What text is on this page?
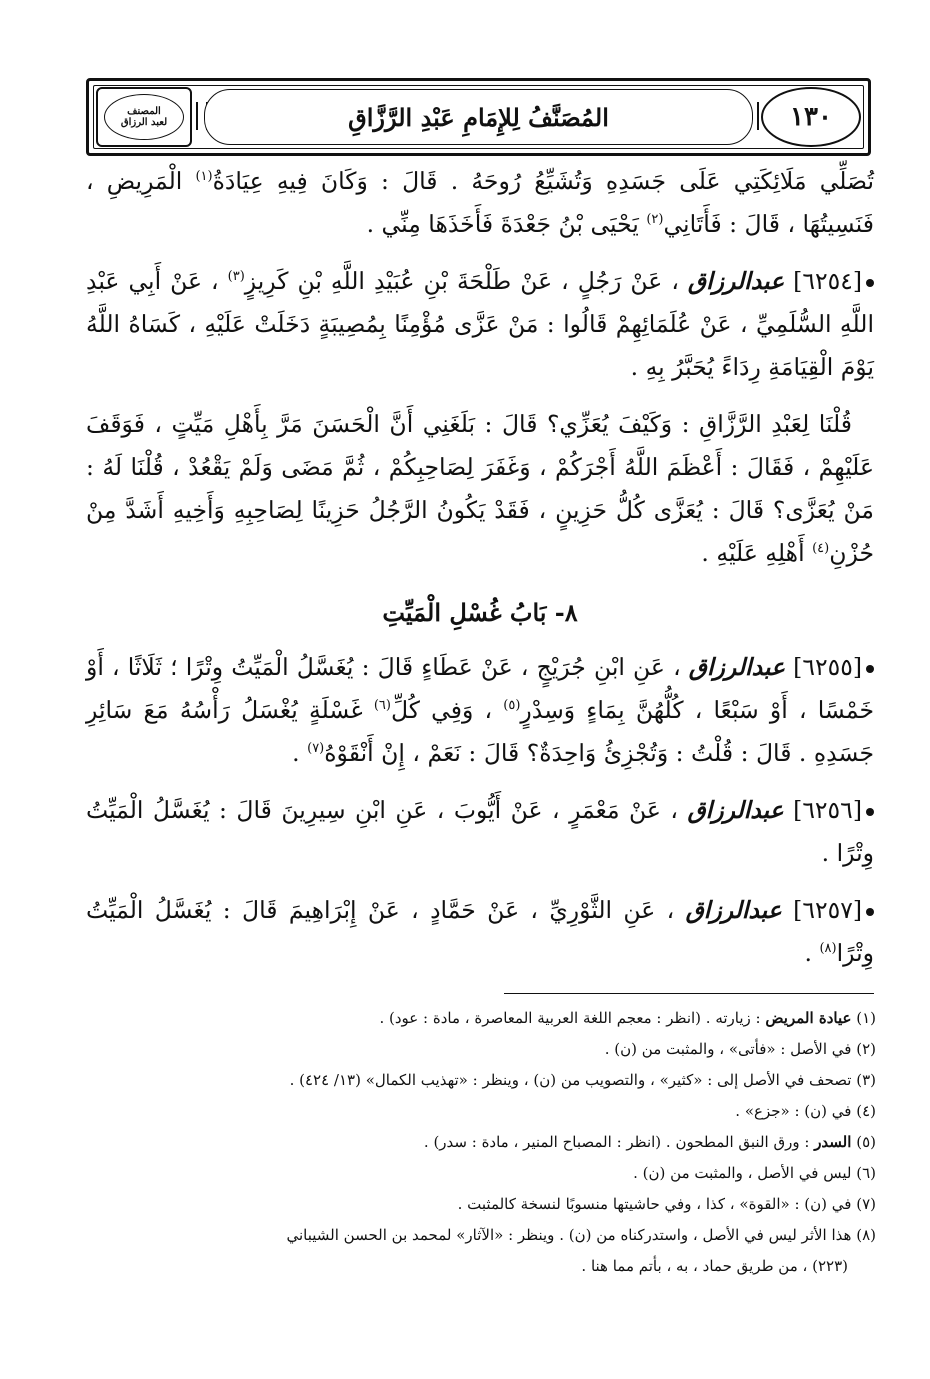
١٣٠
المُصَنَّفُ لِلإِمَامِ عَبْدِ الرَّزَّاقِ
المصنف
لعبد الرزاق

تُصَلِّي مَلَائِكَتِي عَلَى جَسَدِهِ وَتُشَيِّعُ رُوحَهُ . قَالَ : وَكَانَ فِيهِ عِيَادَةُ$^{(١)}$ الْمَرِيضِ ، فَنَسِيتُهَا ، قَالَ : فَأَتَانِي$^{(٢)}$ يَحْيَى بْنُ جَعْدَةَ فَأَخَذَهَا مِنِّي .

[٦٢٥٤] عبدالرزاق ، عَنْ رَجُلٍ ، عَنْ طَلْحَةَ بْنِ عُبَيْدِ اللَّهِ بْنِ كَرِيزٍ$^{(٣)}$ ، عَنْ أَبِي عَبْدِ اللَّهِ السُّلَمِيِّ ، عَنْ عُلَمَائِهِمْ قَالُوا : مَنْ عَزَّى مُؤْمِنًا بِمُصِيبَةٍ دَخَلَتْ عَلَيْهِ ، كَسَاهُ اللَّهُ يَوْمَ الْقِيَامَةِ رِدَاءً يُحَبَّرُ بِهِ .

قُلْنَا لِعَبْدِ الرَّزَّاقِ : وَكَيْفَ يُعَزِّي؟ قَالَ : بَلَغَنِي أَنَّ الْحَسَنَ مَرَّ بِأَهْلِ مَيِّتٍ ، فَوَقَفَ عَلَيْهِمْ ، فَقَالَ : أَعْظَمَ اللَّهُ أَجْرَكُمْ ، وَغَفَرَ لِصَاحِبِكُمْ ، ثُمَّ مَضَى وَلَمْ يَقْعُدْ ، قُلْنَا لَهُ : مَنْ يُعَزَّى؟ قَالَ : يُعَزَّى كُلُّ حَزِينٍ ، فَقَدْ يَكُونُ الرَّجُلُ حَزِينًا لِصَاحِبِهِ وَأَخِيهِ أَشَدَّ مِنْ حُزْنِ$^{(٤)}$ أَهْلِهِ عَلَيْهِ .

٨- بَابُ غُسْلِ الْمَيِّتِ

[٦٢٥٥] عبدالرزاق ، عَنِ ابْنِ جُرَيْجٍ ، عَنْ عَطَاءٍ قَالَ : يُغَسَّلُ الْمَيِّتُ وِتْرًا ؛ ثَلَاثًا ، أَوْ خَمْسًا ، أَوْ سَبْعًا ، كُلُّهُنَّ بِمَاءٍ وَسِدْرٍ$^{(٥)}$ ، وَفِي كُلِّ$^{(٦)}$ غَسْلَةٍ يُغْسَلُ رَأْسُهُ مَعَ سَائِرِ جَسَدِهِ . قَالَ : قُلْتُ : وَتُجْزِئُ وَاحِدَةٌ؟ قَالَ : نَعَمْ ، إِنْ أَنْقَوْهُ$^{(٧)}$ .

[٦٢٥٦] عبدالرزاق ، عَنْ مَعْمَرٍ ، عَنْ أَيُّوبَ ، عَنِ ابْنِ سِيرِينَ قَالَ : يُغَسَّلُ الْمَيِّتُ وِتْرًا .

[٦٢٥٧] عبدالرزاق ، عَنِ الثَّوْرِيِّ ، عَنْ حَمَّادٍ ، عَنْ إِبْرَاهِيمَ قَالَ : يُغَسَّلُ الْمَيِّتُ وِتْرًا$^{(٨)}$ .

(١) عيادة المريض : زيارته . (انظر : معجم اللغة العربية المعاصرة ، مادة : عود) .

(٢) في الأصل : «فأتى» ، والمثبت من (ن) .

(٣) تصحف في الأصل إلى : «كثير» ، والتصويب من (ن) ، وينظر : «تهذيب الكمال» (١٣/ ٤٢٤) .

(٤) في (ن) : «جزع» .

(٥) السدر : ورق النبق المطحون . (انظر : المصباح المنير ، مادة : سدر) .

(٦) ليس في الأصل ، والمثبت من (ن) .

(٧) في (ن) : «القوة» ، كذا ، وفي حاشيتها منسوبًا لنسخة كالمثبت .

(٨) هذا الأثر ليس في الأصل ، واستدركناه من (ن) . وينظر : «الآثار» لمحمد بن الحسن الشيباني

(٢٢٣) ، من طريق حماد ، به ، بأتم مما هنا .
